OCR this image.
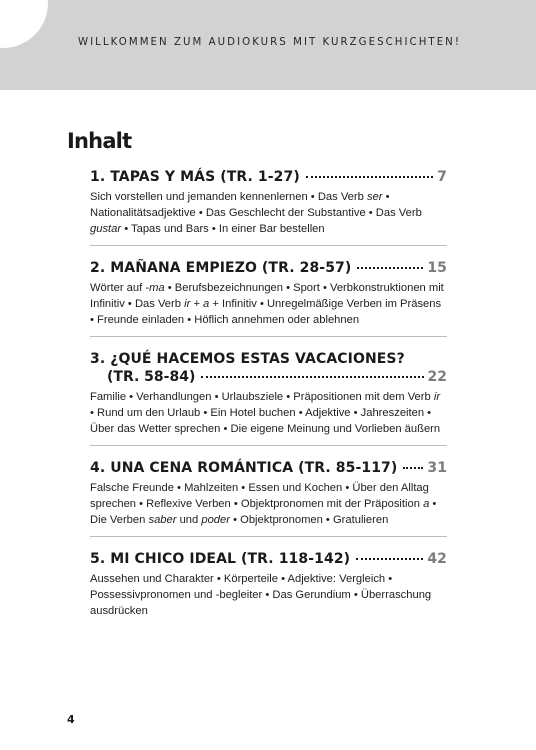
WILLKOMMEN ZUM AUDIOKURS MIT KURZGESCHICHTEN!
Inhalt
1. TAPAS Y MÁS (TR. 1-27)	7
Sich vorstellen und jemanden kennenlernen • Das Verb ser • Nationalitätsadjektive • Das Geschlecht der Substantive • Das Verb gustar • Tapas und Bars • In einer Bar bestellen
2. MAÑANA EMPIEZO (TR. 28-57)	15
Wörter auf -ma • Berufsbezeichnungen • Sport • Verbkonstruktionen mit Infinitiv • Das Verb ir + a + Infinitiv • Unregelmäßige Verben im Präsens • Freunde einladen • Höflich annehmen oder ablehnen
3. ¿QUÉ HACEMOS ESTAS VACACIONES?
(TR. 58-84)	22
Familie • Verhandlungen • Urlaubsziele • Präpositionen mit dem Verb ir • Rund um den Urlaub • Ein Hotel buchen • Adjektive • Jahreszeiten • Über das Wetter sprechen • Die eigene Meinung und Vorlieben äußern
4. UNA CENA ROMÁNTICA (TR. 85-117) 31
Falsche Freunde • Mahlzeiten • Essen und Kochen • Über den Alltag sprechen • Reflexive Verben • Objektpronomen mit der Präposition a • Die Verben saber und poder • Objektpronomen • Gratulieren
5. MI CHICO IDEAL (TR. 118-142)	42
Aussehen und Charakter • Körperteile • Adjektive: Vergleich • Possessivpronomen und -begleiter • Das Gerundium • Überraschung ausdrücken
4
